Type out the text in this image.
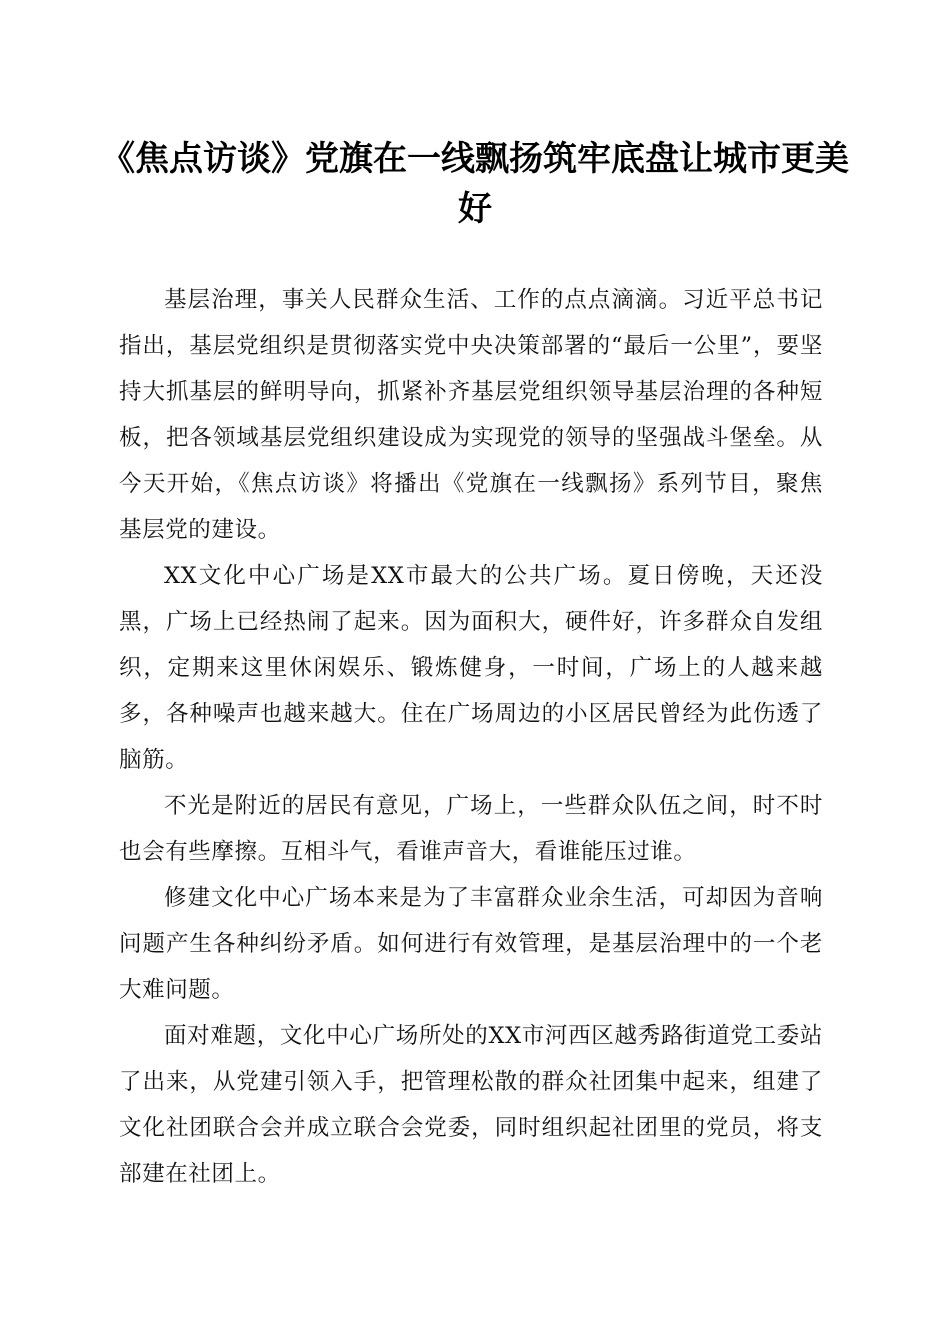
《焦点访谈》党旗在一线飘扬筑牢底盘让城市更美好

基层治理，事关人民群众生活、工作的点点滴滴。习近平总书记指出，基层党组织是贯彻落实党中央决策部署的“最后一公里”，要坚持大抓基层的鲜明导向，抓紧补齐基层党组织领导基层治理的各种短板，把各领域基层党组织建设成为实现党的领导的坚强战斗堡垒。从今天开始，《焦点访谈》将播出《党旗在一线飘扬》系列节目，聚焦基层党的建设。

XX文化中心广场是XX市最大的公共广场。夏日傍晚，天还没黑，广场上已经热闹了起来。因为面积大，硬件好，许多群众自发组织，定期来这里休闲娱乐、锻炼健身，一时间，广场上的人越来越多，各种噪声也越来越大。住在广场周边的小区居民曾经为此伤透了脑筋。

不光是附近的居民有意见，广场上，一些群众队伍之间，时不时也会有些摩擦。互相斗气，看谁声音大，看谁能压过谁。

修建文化中心广场本来是为了丰富群众业余生活，可却因为音响问题产生各种纠纷矛盾。如何进行有效管理，是基层治理中的一个老大难问题。

面对难题，文化中心广场所处的XX市河西区越秀路街道党工委站了出来，从党建引领入手，把管理松散的群众社团集中起来，组建了文化社团联合会并成立联合会党委，同时组织起社团里的党员，将支部建在社团上。
